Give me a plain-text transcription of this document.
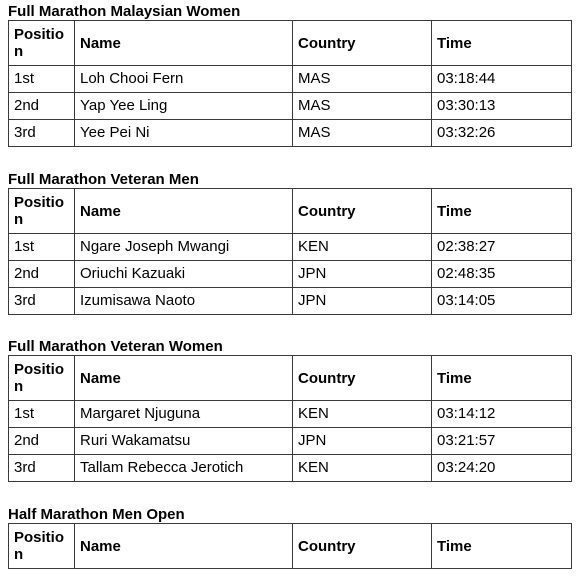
Full Marathon Malaysian Women
Position	Name	Country	Time
1st	Loh Chooi Fern	MAS	03:18:44
2nd	Yap Yee Ling	MAS	03:30:13
3rd	Yee Pei Ni	MAS	03:32:26
Full Marathon Veteran Men
Position	Name	Country	Time
1st	Ngare Joseph Mwangi	KEN	02:38:27
2nd	Oriuchi Kazuaki	JPN	02:48:35
3rd	Izumisawa Naoto	JPN	03:14:05
Full Marathon Veteran Women
Position	Name	Country	Time
1st	Margaret Njuguna	KEN	03:14:12
2nd	Ruri Wakamatsu	JPN	03:21:57
3rd	Tallam Rebecca Jerotich	KEN	03:24:20
Half Marathon Men Open
Position	Name	Country	Time
